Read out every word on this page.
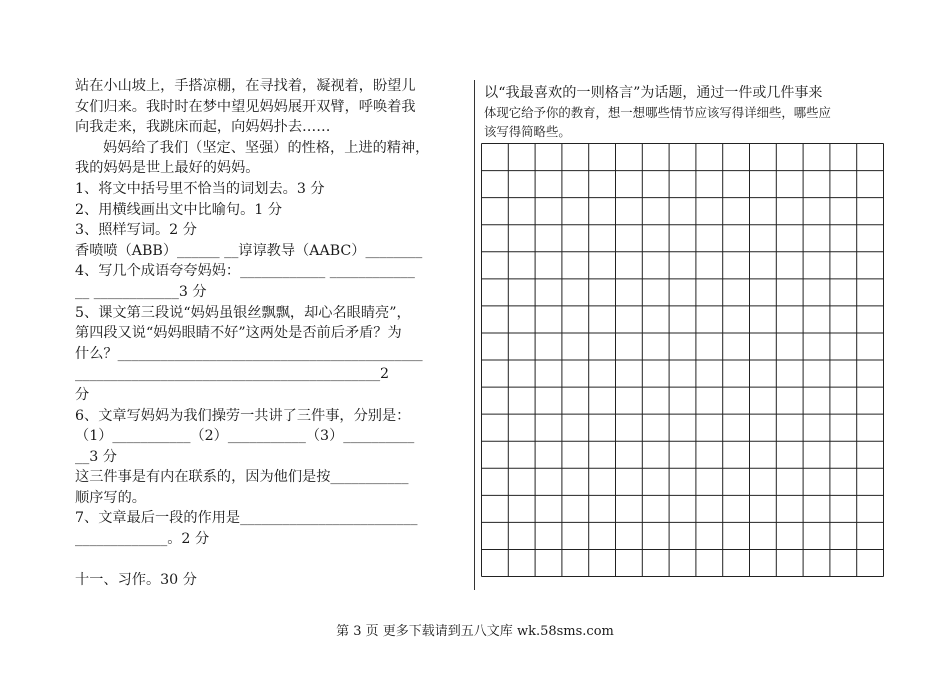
站在小山坡上，手搭凉棚，在寻找着，凝视着，盼望儿
女们归来。我时时在梦中望见妈妈展开双臂，呼唤着我
向我走来，我跳床而起，向妈妈扑去……
妈妈给了我们（坚定、坚强）的性格，上进的精神，
我的妈妈是世上最好的妈妈。
1、将文中括号里不恰当的词划去。3 分
2、用横线画出文中比喻句。1 分
3、照样写词。2 分
香喷喷（ABB）______ __谆谆教导（AABC）________
4、写几个成语夸夸妈妈：____________ ____________
__ ____________3 分
5、课文第三段说“妈妈虽银丝飘飘，却心名眼睛亮”，
第四段又说“妈妈眼睛不好”这两处是否前后矛盾？为
什么？___________________________________________
___________________________________________2
分
6、文章写妈妈为我们操劳一共讲了三件事，分别是：
（1）___________（2）___________（3）__________
__3 分
这三件事是有内在联系的，因为他们是按___________
顺序写的。
7、文章最后一段的作用是_________________________
_____________。2 分
十一、习作。30 分
以“我最喜欢的一则格言”为话题，通过一件或几件事来
体现它给予你的教育，想一想哪些情节应该写得详细些，哪些应
该写得简略些。
第 3 页 更多下载请到五八文库 wk.58sms.com
